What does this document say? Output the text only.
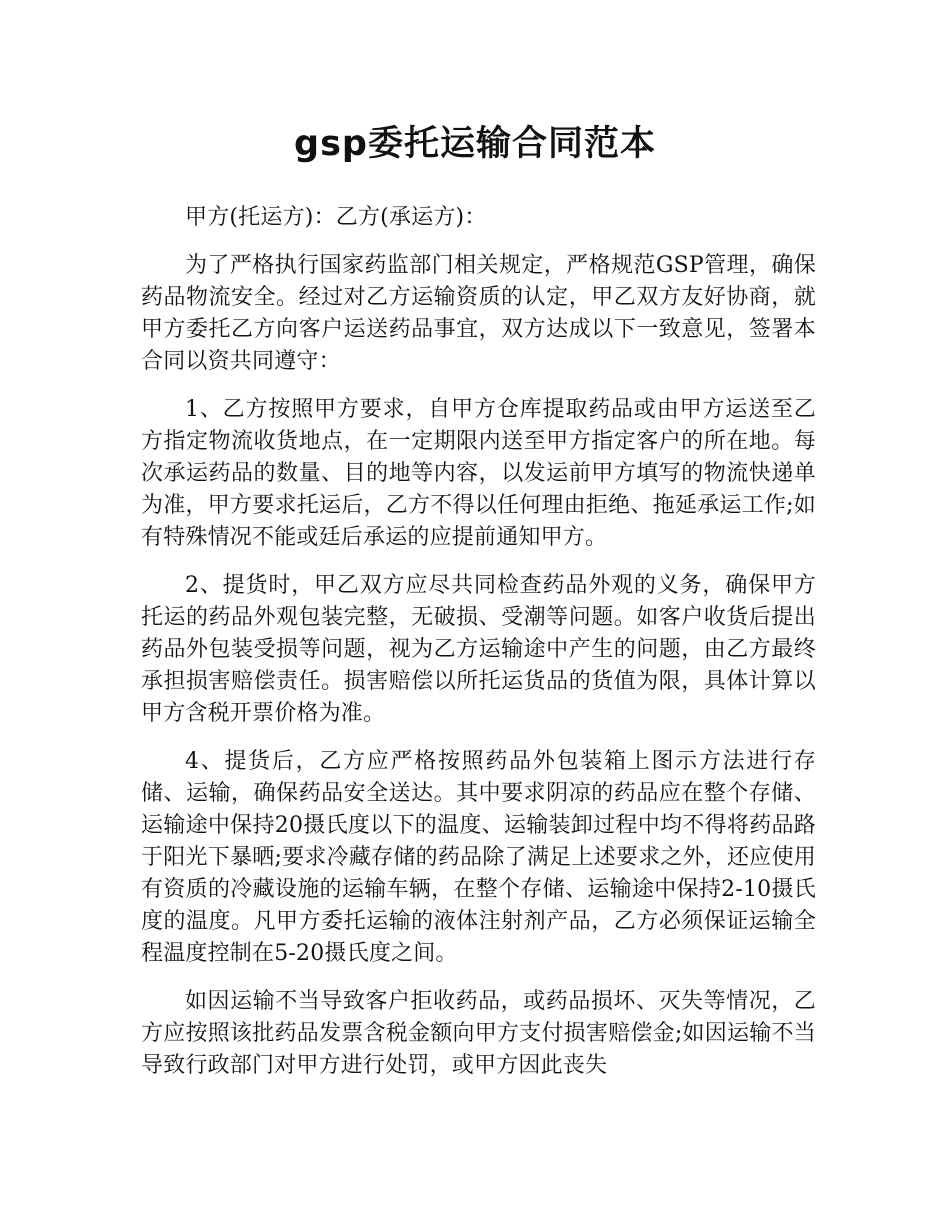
gsp委托运输合同范本

甲方(托运方)：乙方(承运方)：

为了严格执行国家药监部门相关规定，严格规范GSP管理，确保药品物流安全。经过对乙方运输资质的认定，甲乙双方友好协商，就甲方委托乙方向客户运送药品事宜，双方达成以下一致意见，签署本合同以资共同遵守：

1、乙方按照甲方要求，自甲方仓库提取药品或由甲方运送至乙方指定物流收货地点，在一定期限内送至甲方指定客户的所在地。每次承运药品的数量、目的地等内容，以发运前甲方填写的物流快递单为准，甲方要求托运后，乙方不得以任何理由拒绝、拖延承运工作;如有特殊情况不能或廷后承运的应提前通知甲方。

2、提货时，甲乙双方应尽共同检查药品外观的义务，确保甲方托运的药品外观包装完整，无破损、受潮等问题。如客户收货后提出药品外包装受损等问题，视为乙方运输途中产生的问题，由乙方最终承担损害赔偿责任。损害赔偿以所托运货品的货值为限，具体计算以甲方含税开票价格为准。

4、提货后，乙方应严格按照药品外包装箱上图示方法进行存储、运输，确保药品安全送达。其中要求阴凉的药品应在整个存储、运输途中保持20摄氏度以下的温度、运输装卸过程中均不得将药品路于阳光下暴晒;要求冷藏存储的药品除了满足上述要求之外，还应使用有资质的冷藏设施的运输车辆，在整个存储、运输途中保持2-10摄氏度的温度。凡甲方委托运输的液体注射剂产品，乙方必须保证运输全程温度控制在5-20摄氏度之间。

如因运输不当导致客户拒收药品，或药品损坏、灭失等情况，乙方应按照该批药品发票含税金额向甲方支付损害赔偿金;如因运输不当导致行政部门对甲方进行处罚，或甲方因此丧失
